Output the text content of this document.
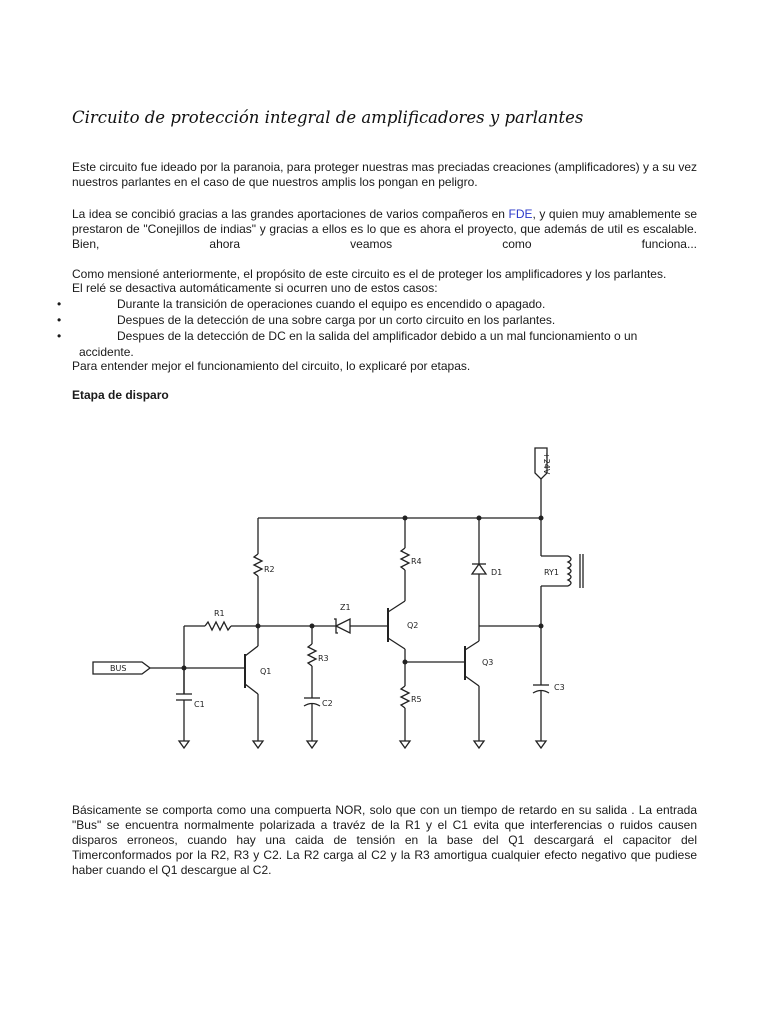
Circuito de protección integral de amplificadores y parlantes

Este circuito fue ideado por la paranoia, para proteger nuestras mas preciadas creaciones (amplificadores) y a su vez nuestros parlantes en el caso de que nuestros amplis los pongan en peligro.

La idea se concibió gracias a las grandes aportaciones de varios compañeros en FDE, y quien muy amablemente se prestaron de "Conejillos de indias" y gracias a ellos es lo que es ahora el proyecto, que además de util es escalable. Bien, ahora veamos como funciona...

Como mensioné anteriormente, el propósito de este circuito es el de proteger los amplificadores y los parlantes.

El relé se desactiva automáticamente si ocurren uno de estos casos:

•	Durante la transición de operaciones cuando el equipo es encendido o apagado.
•	Despues de la detección de una sobre carga por un corto circuito en los parlantes.
•	Despues de la detección de DC en la salida del amplificador debido a un mal funcionamiento o un
accidente.

Para entender mejor el funcionamiento del circuito, lo explicaré por etapas.

Etapa de disparo
+24V
BUS
R1
R2
R3
R4
R5
Z1
C1	C2
C3
Q1
Q2
Q3
D1	RY1

Básicamente se comporta como una compuerta NOR, solo que con un tiempo de retardo en su salida . La entrada "Bus" se encuentra normalmente polarizada a travéz de la R1 y el C1 evita que interferencias o ruidos causen disparos erroneos, cuando hay una caida de tensión en la base del Q1 descargará el capacitor del Timerconformados por la R2, R3 y C2. La R2 carga al C2 y la R3 amortigua cualquier efecto negativo que pudiese haber cuando el Q1 descargue al C2.
